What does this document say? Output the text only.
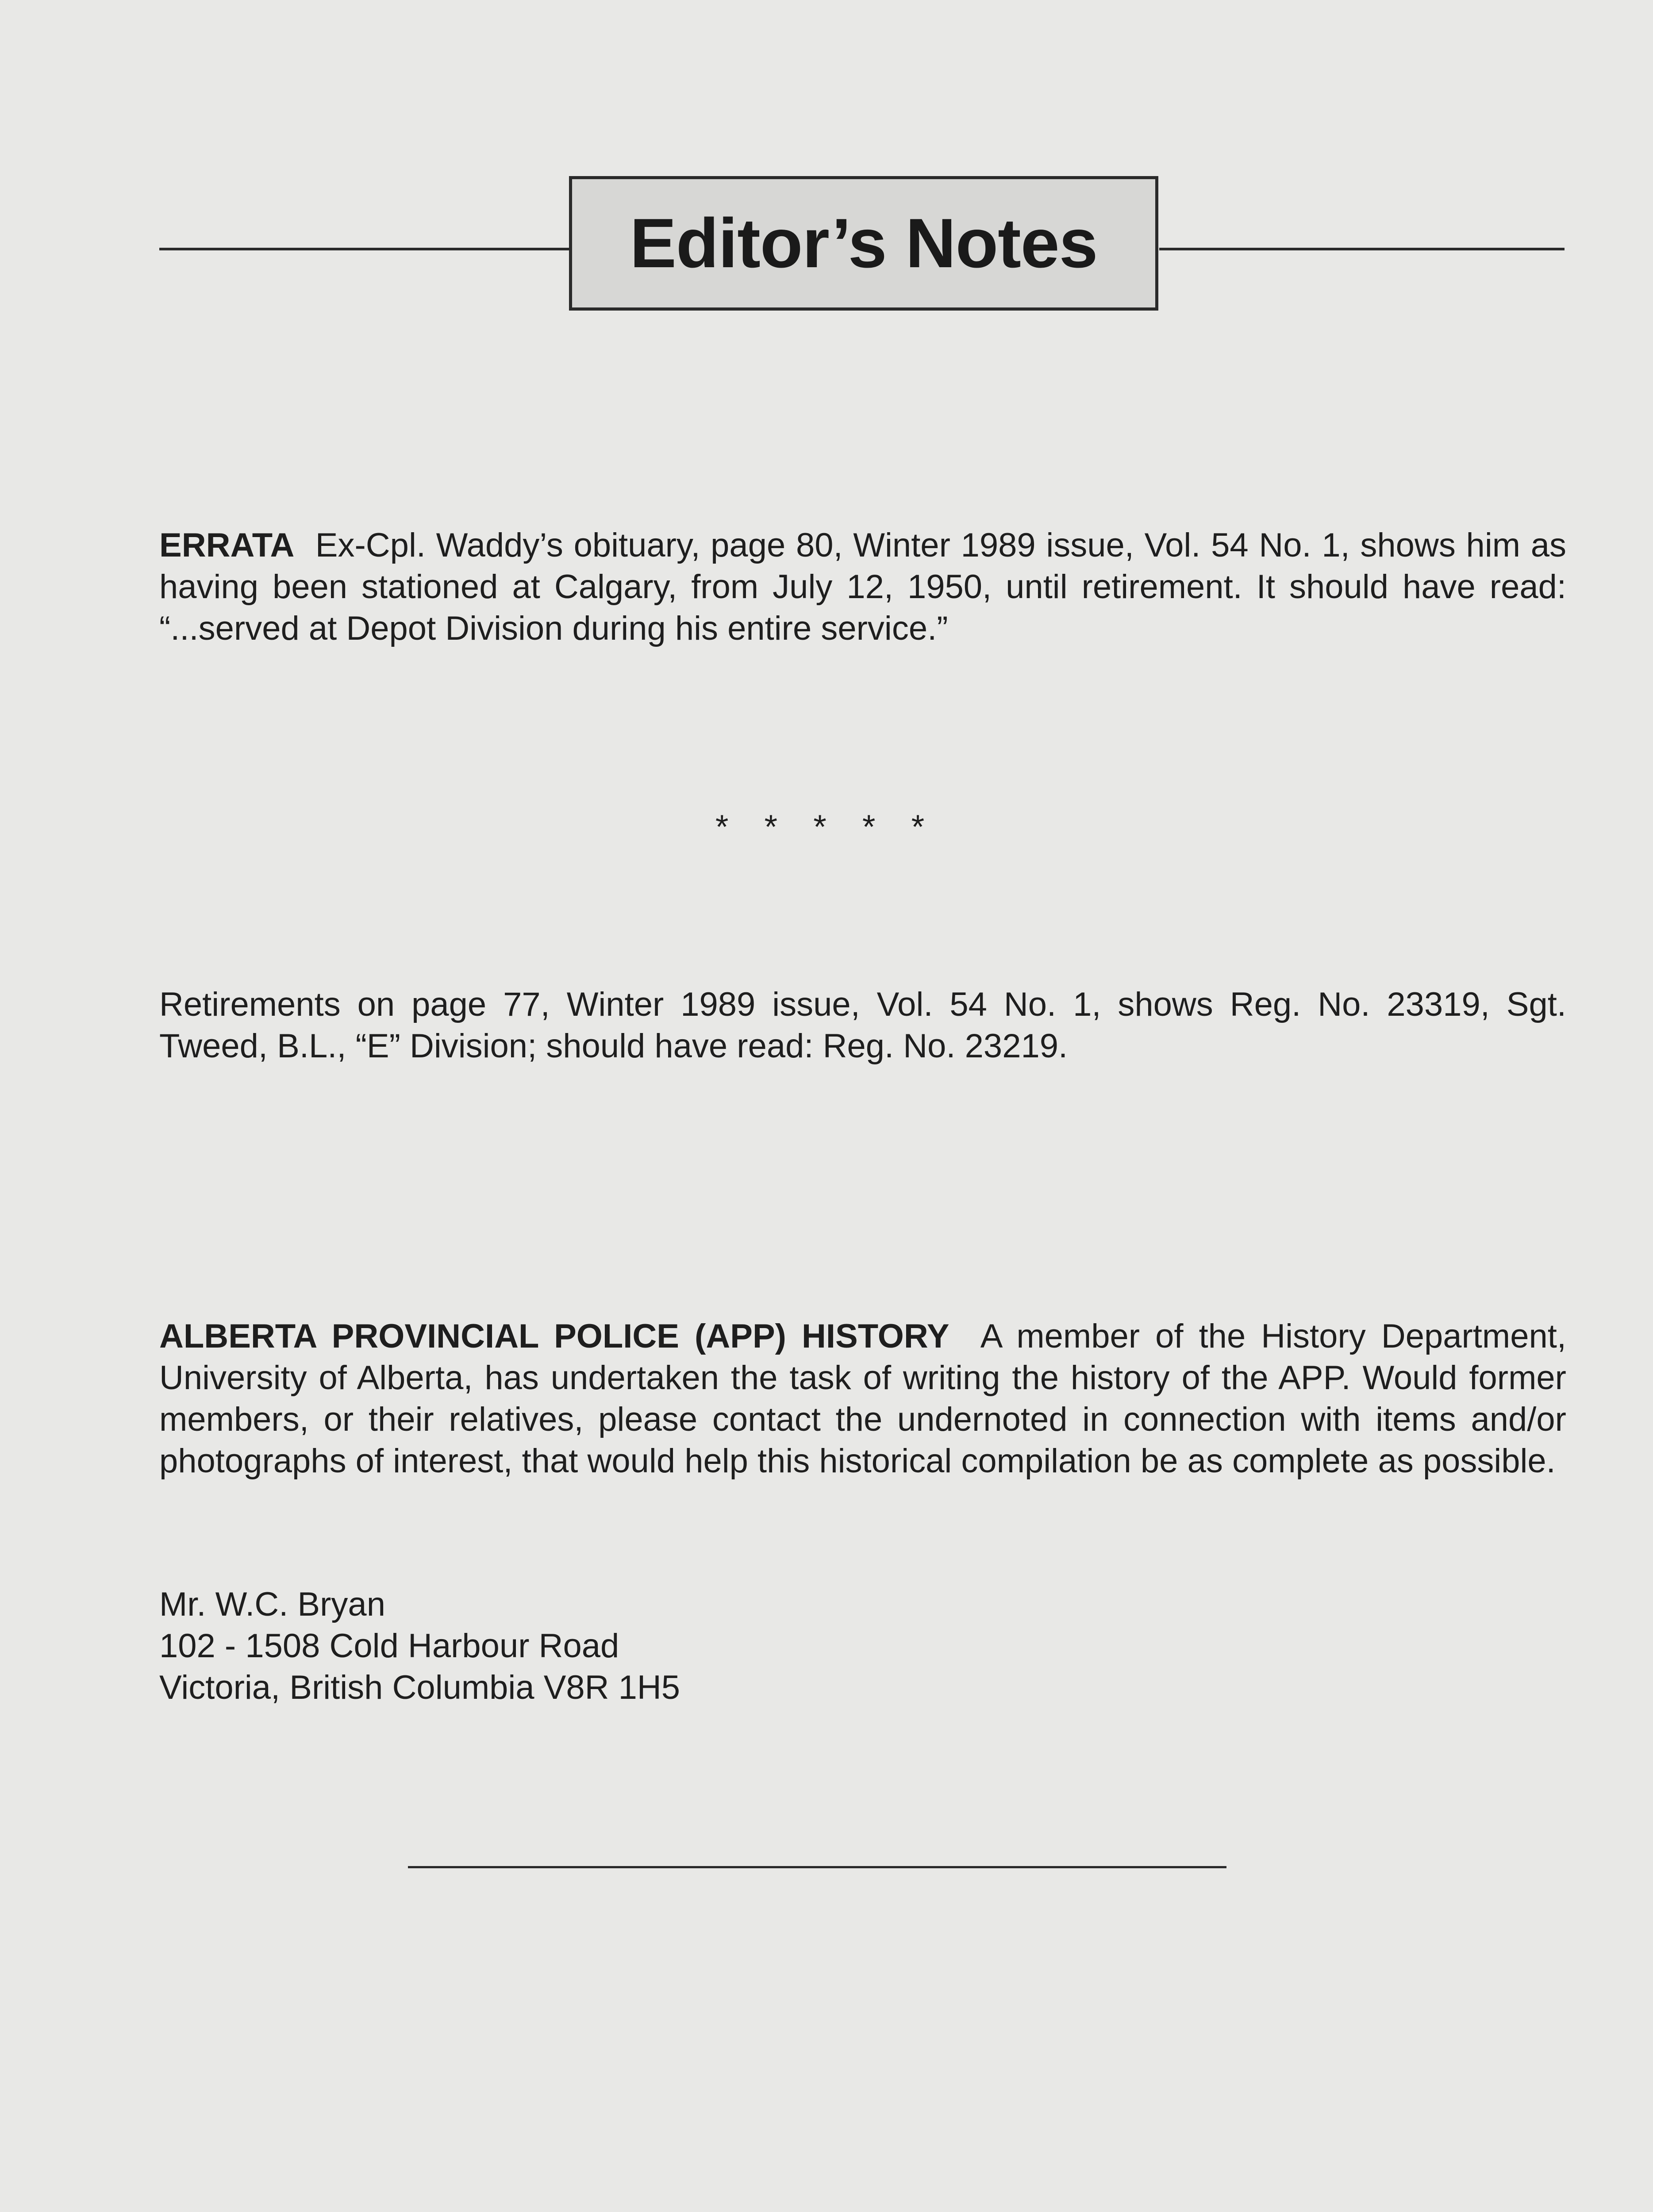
Editor’s Notes

ERRATA Ex-Cpl. Waddy’s obituary, page 80, Winter 1989 issue, Vol. 54 No. 1, shows him as having been stationed at Calgary, from July 12, 1950, until retirement. It should have read: “...served at Depot Division during his entire service.”

* * * * *

Retirements on page 77, Winter 1989 issue, Vol. 54 No. 1, shows Reg. No. 23319, Sgt. Tweed, B.L., “E” Division; should have read: Reg. No. 23219.

ALBERTA PROVINCIAL POLICE (APP) HISTORY A member of the History Department, University of Alberta, has undertaken the task of writing the history of the APP. Would former members, or their relatives, please contact the undernoted in connection with items and/or photographs of interest, that would help this historical compilation be as complete as possible.

Mr. W.C. Bryan
102 - 1508 Cold Harbour Road
Victoria, British Columbia V8R 1H5
